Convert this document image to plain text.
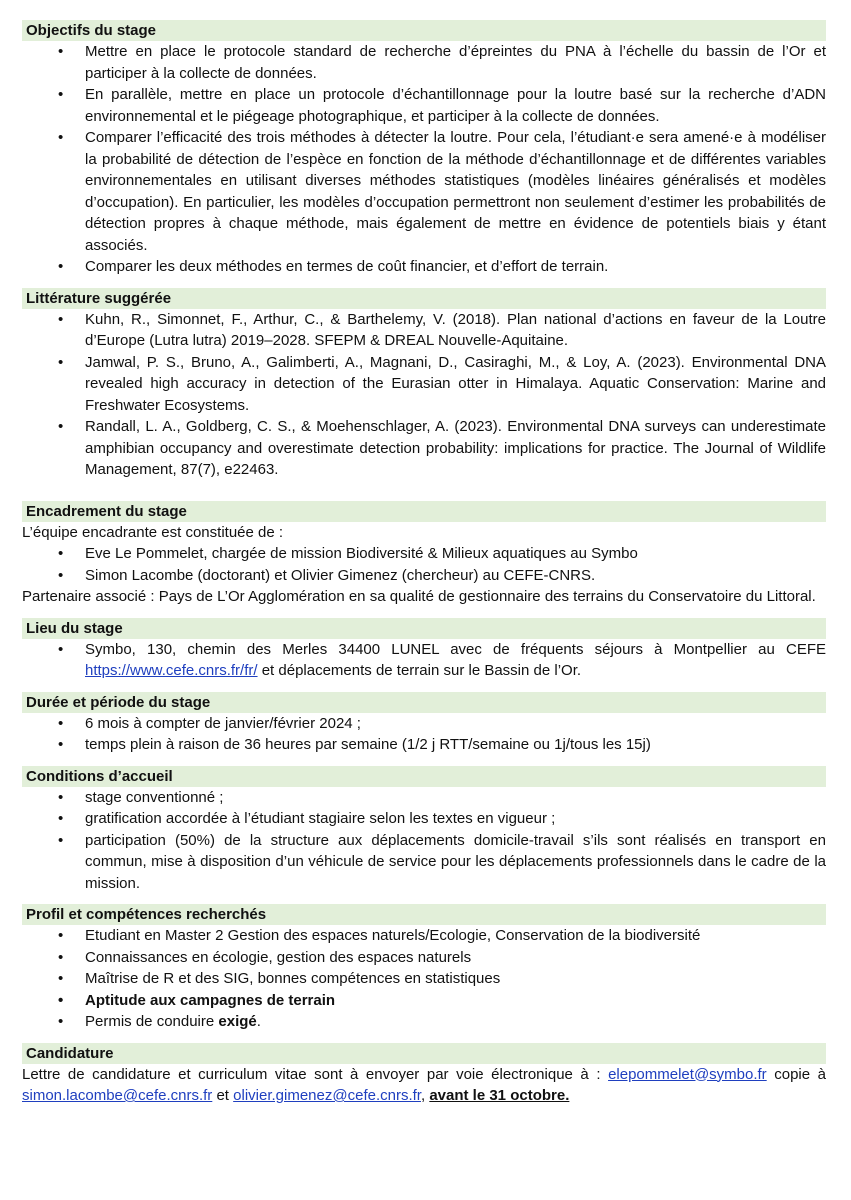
Objectifs du stage
• Mettre en place le protocole standard de recherche d’épreintes du PNA à l’échelle du bassin de l’Or et participer à la collecte de données.
• En parallèle, mettre en place un protocole d’échantillonnage pour la loutre basé sur la recherche d’ADN environnemental et le piégeage photographique, et participer à la collecte de données.
• Comparer l’efficacité des trois méthodes à détecter la loutre. Pour cela, l’étudiant·e sera amené·e à modéliser la probabilité de détection de l’espèce en fonction de la méthode d’échantillonnage et de différentes variables environnementales en utilisant diverses méthodes statistiques (modèles linéaires généralisés et modèles d’occupation). En particulier, les modèles d’occupation permettront non seulement d’estimer les probabilités de détection propres à chaque méthode, mais également de mettre en évidence de potentiels biais y étant associés.
• Comparer les deux méthodes en termes de coût financier, et d’effort de terrain.
Littérature suggérée
• Kuhn, R., Simonnet, F., Arthur, C., & Barthelemy, V. (2018). Plan national d’actions en faveur de la Loutre d’Europe (Lutra lutra) 2019–2028. SFEPM & DREAL Nouvelle-Aquitaine.
• Jamwal, P. S., Bruno, A., Galimberti, A., Magnani, D., Casiraghi, M., & Loy, A. (2023). Environmental DNA revealed high accuracy in detection of the Eurasian otter in Himalaya. Aquatic Conservation: Marine and Freshwater Ecosystems.
• Randall, L. A., Goldberg, C. S., & Moehenschlager, A. (2023). Environmental DNA surveys can underestimate amphibian occupancy and overestimate detection probability: implications for practice. The Journal of Wildlife Management, 87(7), e22463.
Encadrement du stage

L’équipe encadrante est constituée de :

• Eve Le Pommelet, chargée de mission Biodiversité & Milieux aquatiques au Symbo
• Simon Lacombe (doctorant) et Olivier Gimenez (chercheur) au CEFE-CNRS.

Partenaire associé : Pays de L’Or Agglomération en sa qualité de gestionnaire des terrains du Conservatoire du Littoral.

Lieu du stage
• Symbo, 130, chemin des Merles 34400 LUNEL avec de fréquents séjours à Montpellier au CEFE https://www.cefe.cnrs.fr/fr/ et déplacements de terrain sur le Bassin de l’Or.
Durée et période du stage
• 6 mois à compter de janvier/février 2024 ;
• temps plein à raison de 36 heures par semaine (1/2 j RTT/semaine ou 1j/tous les 15j)
Conditions d’accueil
• stage conventionné ;
• gratification accordée à l’étudiant stagiaire selon les textes en vigueur ;
• participation (50%) de la structure aux déplacements domicile-travail s’ils sont réalisés en transport en commun, mise à disposition d’un véhicule de service pour les déplacements professionnels dans le cadre de la mission.
Profil et compétences recherchés
• Etudiant en Master 2 Gestion des espaces naturels/Ecologie, Conservation de la biodiversité
• Connaissances en écologie, gestion des espaces naturels
• Maîtrise de R et des SIG, bonnes compétences en statistiques
• Aptitude aux campagnes de terrain
• Permis de conduire exigé.
Candidature

Lettre de candidature et curriculum vitae sont à envoyer par voie électronique à : elepommelet@symbo.fr copie à simon.lacombe@cefe.cnrs.fr et olivier.gimenez@cefe.cnrs.fr, avant le 31 octobre.
